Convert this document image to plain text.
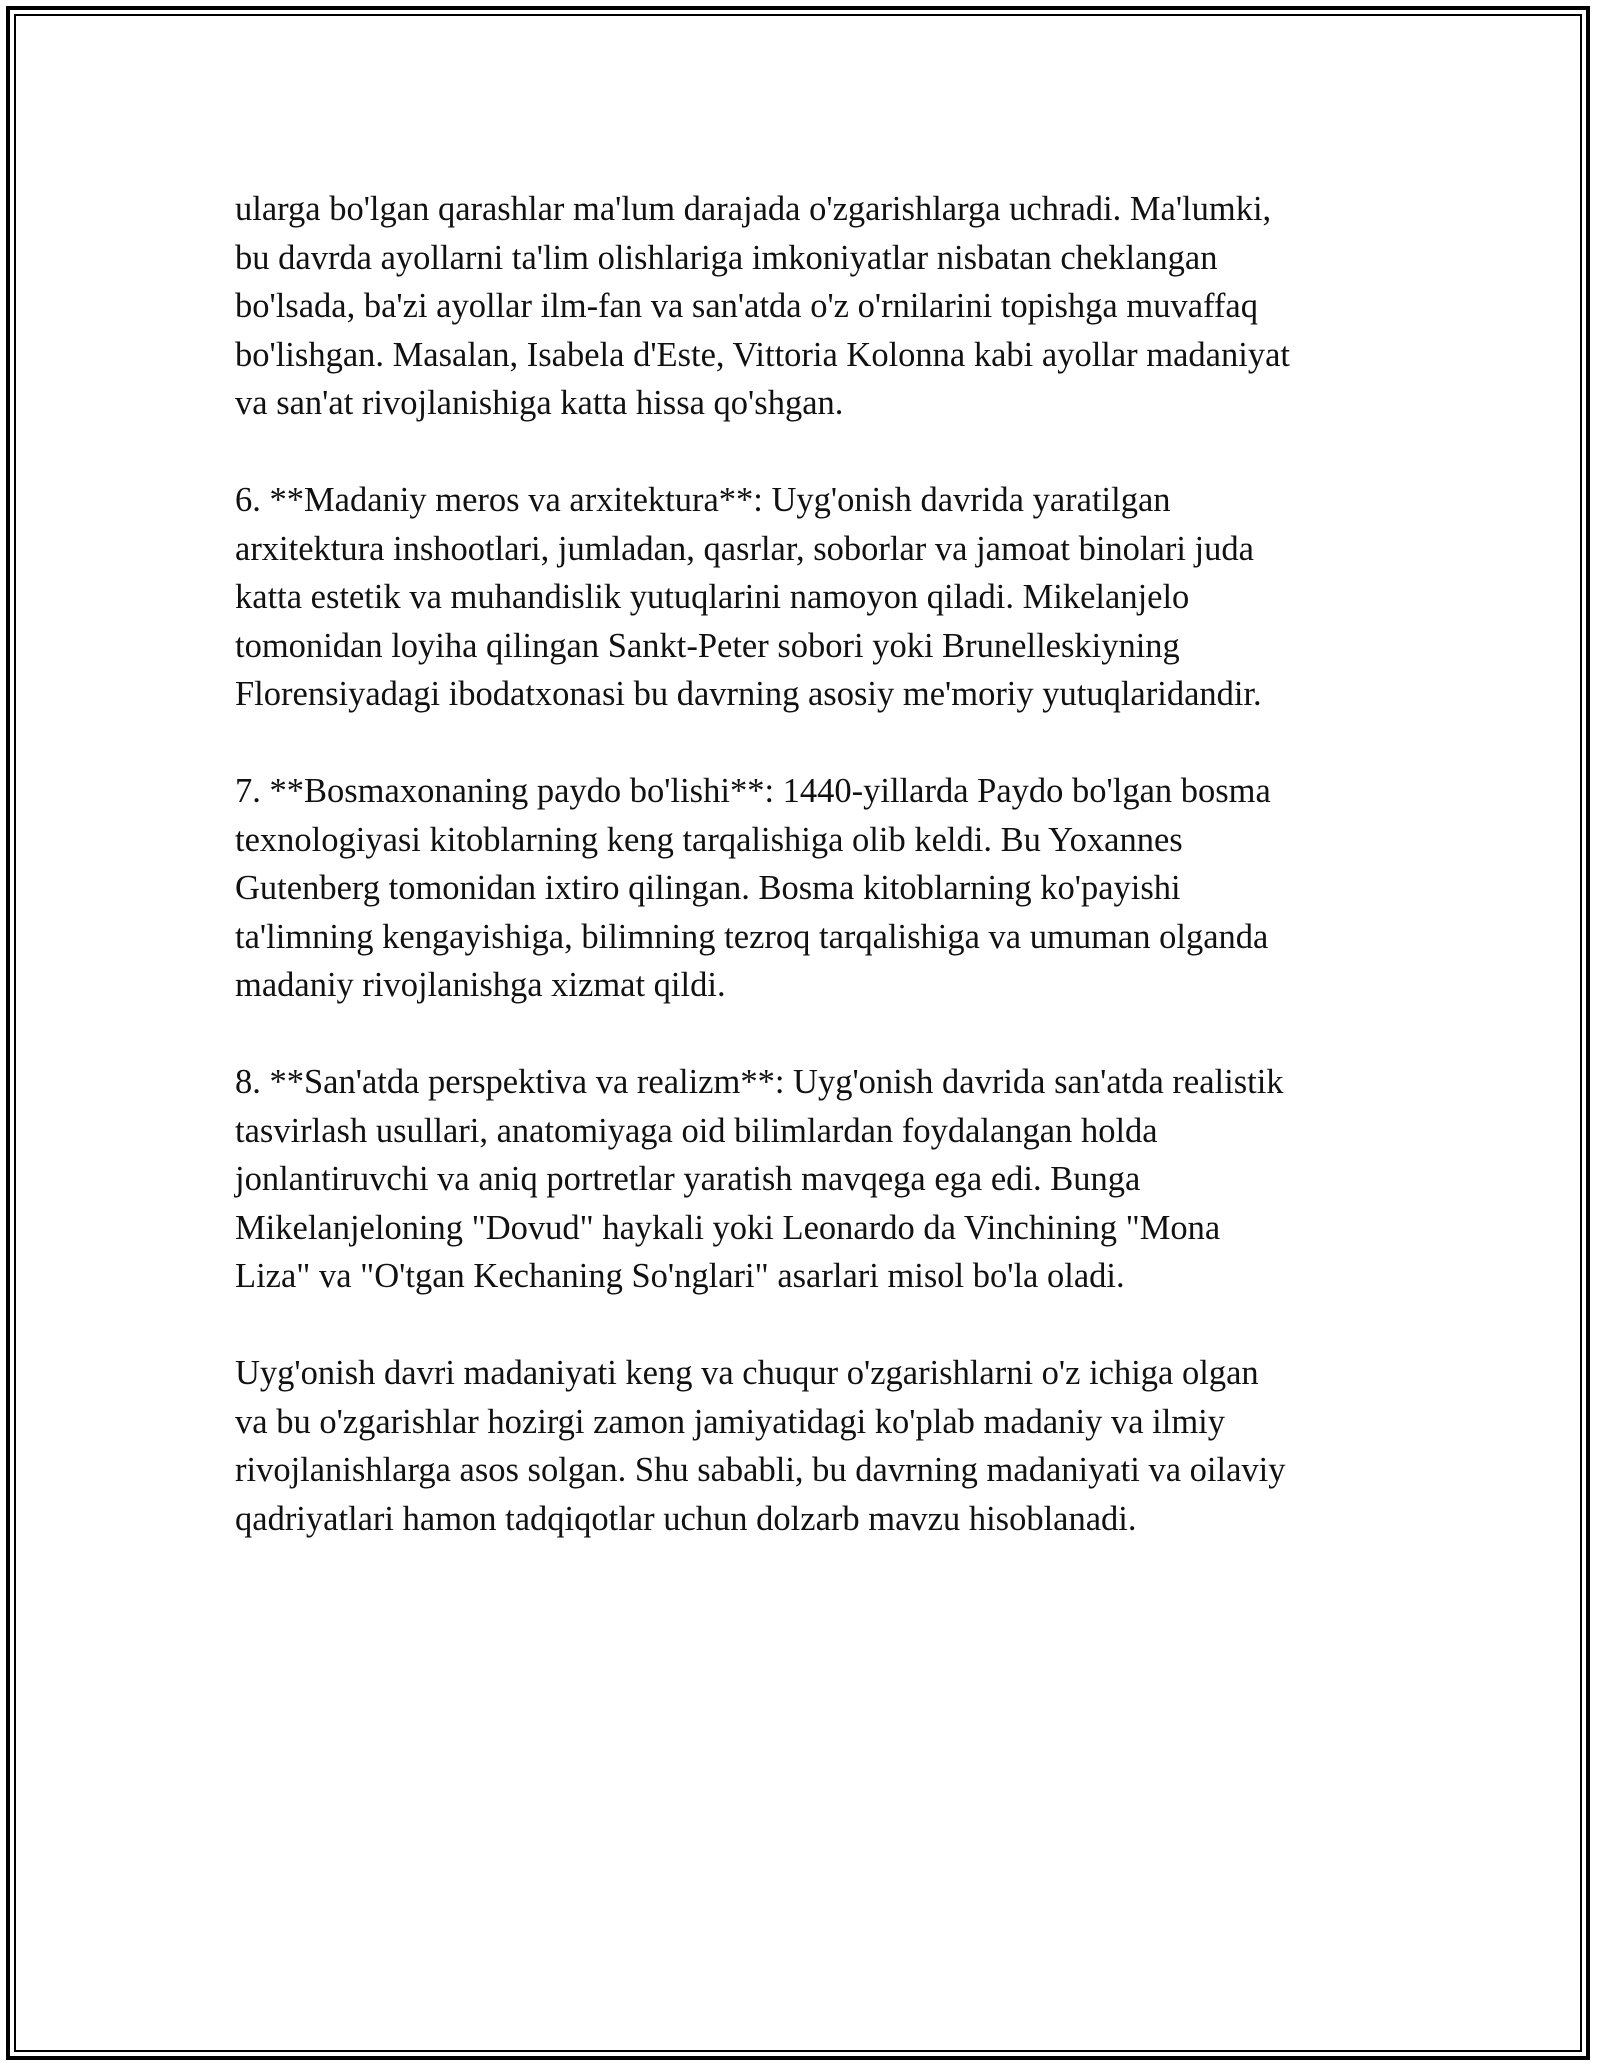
ularga bo'lgan qarashlar ma'lum darajada o'zgarishlarga uchradi. Ma'lumki,
bu davrda ayollarni ta'lim olishlariga imkoniyatlar nisbatan cheklangan
bo'lsada, ba'zi ayollar ilm-fan va san'atda o'z o'rnilarini topishga muvaffaq
bo'lishgan. Masalan, Isabela d'Este, Vittoria Kolonna kabi ayollar madaniyat
va san'at rivojlanishiga katta hissa qo'shgan.

6. **Madaniy meros va arxitektura**: Uyg'onish davrida yaratilgan
arxitektura inshootlari, jumladan, qasrlar, soborlar va jamoat binolari juda
katta estetik va muhandislik yutuqlarini namoyon qiladi. Mikelanjelo
tomonidan loyiha qilingan Sankt-Peter sobori yoki Brunelleskiyning
Florensiyadagi ibodatxonasi bu davrning asosiy me'moriy yutuqlaridandir.

7. **Bosmaxonaning paydo bo'lishi**: 1440-yillarda Paydo bo'lgan bosma
texnologiyasi kitoblarning keng tarqalishiga olib keldi. Bu Yoxannes
Gutenberg tomonidan ixtiro qilingan. Bosma kitoblarning ko'payishi
ta'limning kengayishiga, bilimning tezroq tarqalishiga va umuman olganda
madaniy rivojlanishga xizmat qildi.

8. **San'atda perspektiva va realizm**: Uyg'onish davrida san'atda realistik
tasvirlash usullari, anatomiyaga oid bilimlardan foydalangan holda
jonlantiruvchi va aniq portretlar yaratish mavqega ega edi. Bunga
Mikelanjeloning "Dovud" haykali yoki Leonardo da Vinchining "Mona
Liza" va "O'tgan Kechaning So'nglari" asarlari misol bo'la oladi.

Uyg'onish davri madaniyati keng va chuqur o'zgarishlarni o'z ichiga olgan
va bu o'zgarishlar hozirgi zamon jamiyatidagi ko'plab madaniy va ilmiy
rivojlanishlarga asos solgan. Shu sababli, bu davrning madaniyati va oilaviy
qadriyatlari hamon tadqiqotlar uchun dolzarb mavzu hisoblanadi.
